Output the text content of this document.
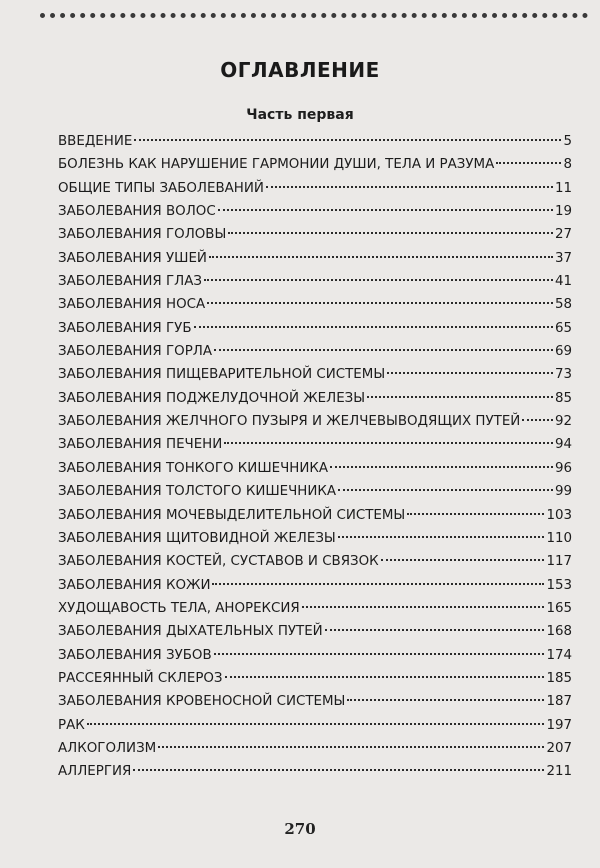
ОГЛАВЛЕНИЕ
Часть первая
ВВЕДЕНИЕ	5
БОЛЕЗНЬ КАК НАРУШЕНИЕ ГАРМОНИИ ДУШИ, ТЕЛА И РАЗУМА	8
ОБЩИЕ ТИПЫ ЗАБОЛЕВАНИЙ	11
ЗАБОЛЕВАНИЯ ВОЛОС	19
ЗАБОЛЕВАНИЯ ГОЛОВЫ	27
ЗАБОЛЕВАНИЯ УШЕЙ	37
ЗАБОЛЕВАНИЯ ГЛАЗ	41
ЗАБОЛЕВАНИЯ НОСА	58
ЗАБОЛЕВАНИЯ ГУБ	65
ЗАБОЛЕВАНИЯ ГОРЛА	69
ЗАБОЛЕВАНИЯ ПИЩЕВАРИТЕЛЬНОЙ СИСТЕМЫ	73
ЗАБОЛЕВАНИЯ ПОДЖЕЛУДОЧНОЙ ЖЕЛЕЗЫ	85
ЗАБОЛЕВАНИЯ ЖЕЛЧНОГО ПУЗЫРЯ И ЖЕЛЧЕВЫВОДЯЩИХ ПУТЕЙ	92
ЗАБОЛЕВАНИЯ ПЕЧЕНИ	94
ЗАБОЛЕВАНИЯ ТОНКОГО КИШЕЧНИКА	96
ЗАБОЛЕВАНИЯ ТОЛСТОГО КИШЕЧНИКА	99
ЗАБОЛЕВАНИЯ МОЧЕВЫДЕЛИТЕЛЬНОЙ СИСТЕМЫ	103
ЗАБОЛЕВАНИЯ ЩИТОВИДНОЙ ЖЕЛЕЗЫ	110
ЗАБОЛЕВАНИЯ КОСТЕЙ, СУСТАВОВ И СВЯЗОК	117
ЗАБОЛЕВАНИЯ КОЖИ	153
ХУДОЩАВОСТЬ ТЕЛА, АНОРЕКСИЯ	165
ЗАБОЛЕВАНИЯ ДЫХАТЕЛЬНЫХ ПУТЕЙ	168
ЗАБОЛЕВАНИЯ ЗУБОВ	174
РАССЕЯННЫЙ СКЛЕРОЗ	185
ЗАБОЛЕВАНИЯ КРОВЕНОСНОЙ СИСТЕМЫ	187
РАК	197
АЛКОГОЛИЗМ	207
АЛЛЕРГИЯ	211
270
